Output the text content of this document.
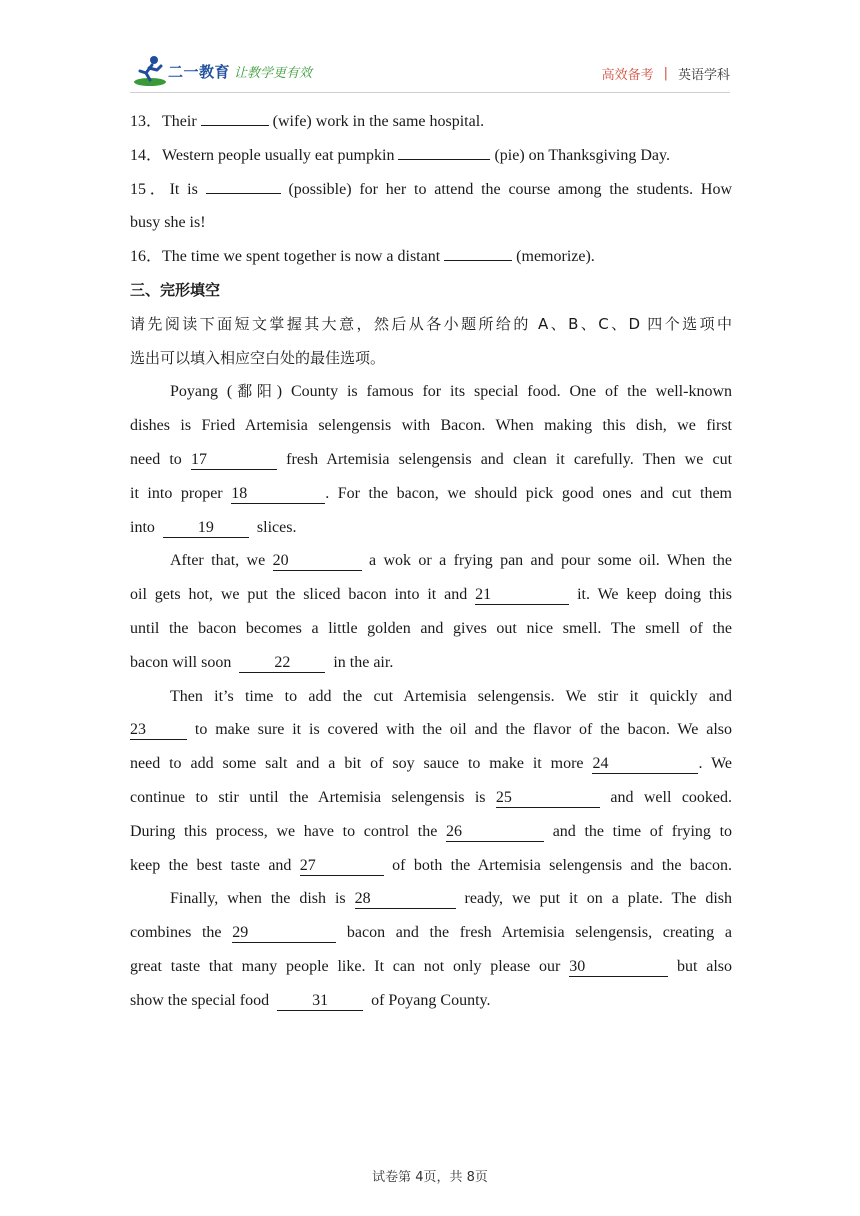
二一教育 让教学更有效	高效备考 | 英语学科
13．Their	(wife) work in the same hospital.
14．Western people usually eat pumpkin	(pie) on Thanksgiving Day.
15．It is	(possible) for her to attend the course among the students. How
busy she is!
16．The time we spent together is now a distant	(memorize).
三、完形填空
请先阅读下面短文掌握其大意，然后从各小题所给的 A、B、C、D 四个选项中
选出可以填入相应空白处的最佳选项。
Poyang (鄱阳) County is famous for its special food. One of the well-known
dishes is Fried Artemisia selengensis with Bacon. When making this dish, we first
need to 17	fresh Artemisia selengensis and clean it carefully. Then we cut
it into proper 18	. For the bacon, we should pick good ones and cut them
into	19	slices.
After that, we 20	a wok or a frying pan and pour some oil. When the
oil gets hot, we put the sliced bacon into it and 21	it. We keep doing this
until the bacon becomes a little golden and gives out nice smell. The smell of the
bacon will soon	22	in the air.
Then it’s time to add the cut Artemisia selengensis. We stir it quickly and
23	to make sure it is covered with the oil and the flavor of the bacon. We also
need to add some salt and a bit of soy sauce to make it more 24	. We
continue to stir until the Artemisia selengensis is 25	and well cooked.
During this process, we have to control the 26	and the time of frying to
keep the best taste and 27	of both the Artemisia selengensis and the bacon.
Finally, when the dish is 28	ready, we put it on a plate. The dish
combines the 29	bacon and the fresh Artemisia selengensis, creating a
great taste that many people like. It can not only please our 30	but also
show the special food	31	of Poyang County.
试卷第 4页，共 8页
